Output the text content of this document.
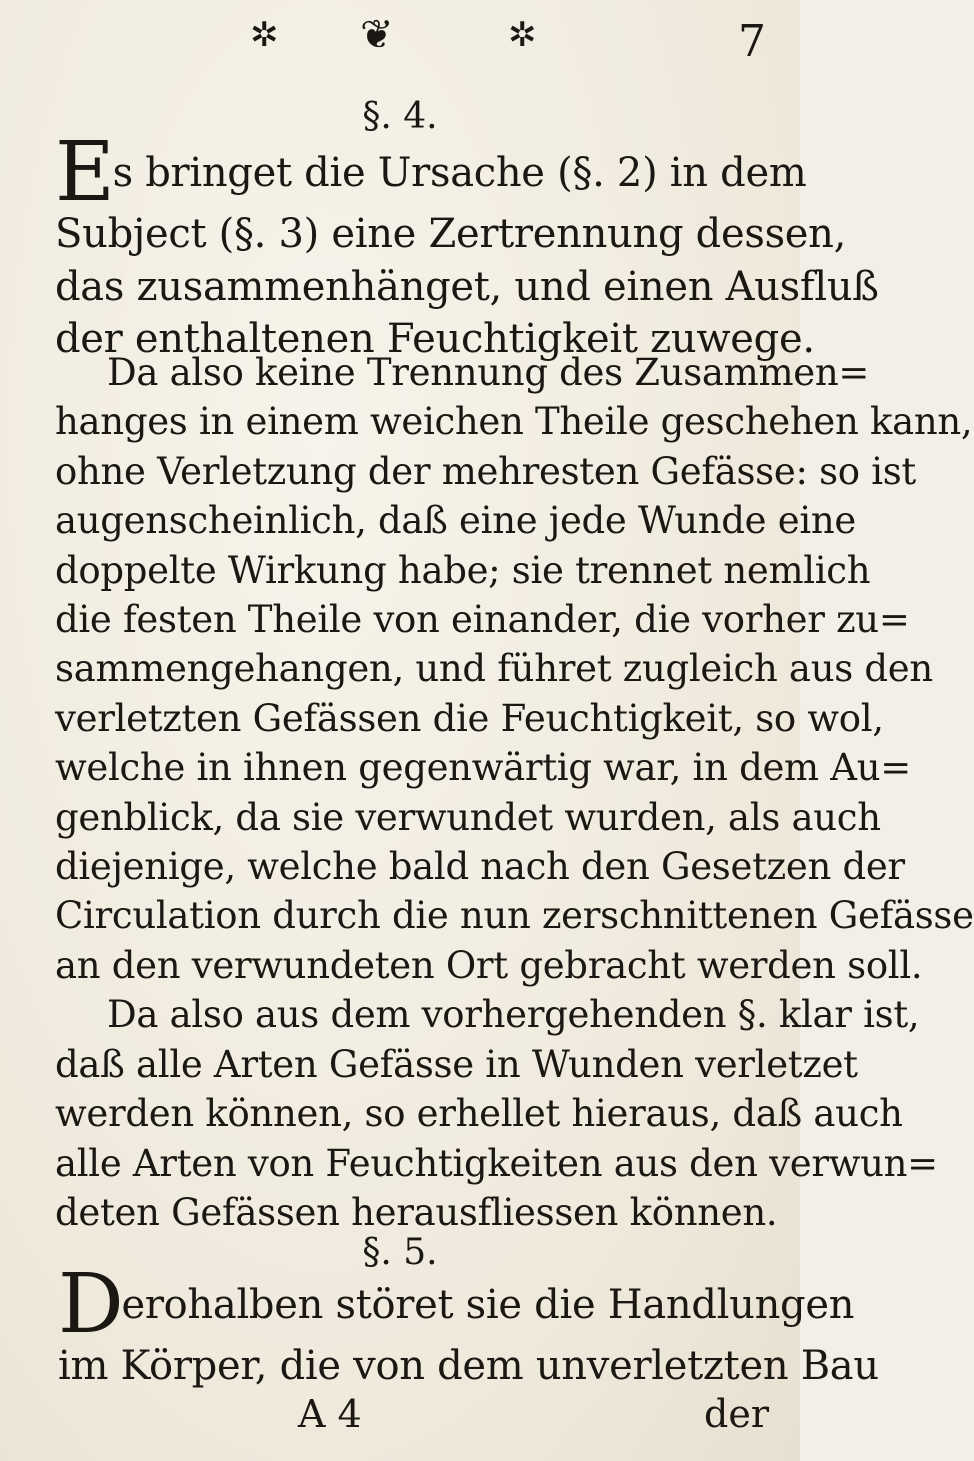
✲ ❦	✲	7
§. 4.
Es bringet die Ursache (§. 2) in dem
Subject (§. 3) eine Zertrennung dessen,
das zusammenhänget, und einen Ausfluß
der enthaltenen Feuchtigkeit zuwege.
Da also keine Trennung des Zusammen=
hanges in einem weichen Theile geschehen kann,
ohne Verletzung der mehresten Gefässe: so ist
augenscheinlich, daß eine jede Wunde eine
doppelte Wirkung habe; sie trennet nemlich
die festen Theile von einander, die vorher zu=
sammengehangen, und führet zugleich aus den
verletzten Gefässen die Feuchtigkeit, so wol,
welche in ihnen gegenwärtig war, in dem Au=
genblick, da sie verwundet wurden, als auch
diejenige, welche bald nach den Gesetzen der
Circulation durch die nun zerschnittenen Gefässe
an den verwundeten Ort gebracht werden soll.
Da also aus dem vorhergehenden §. klar ist,
daß alle Arten Gefässe in Wunden verletzet
werden können, so erhellet hieraus, daß auch
alle Arten von Feuchtigkeiten aus den verwun=
deten Gefässen herausfliessen können.
§. 5.
Derohalben störet sie die Handlungen
im Körper, die von dem unverletzten Bau
A 4	der
